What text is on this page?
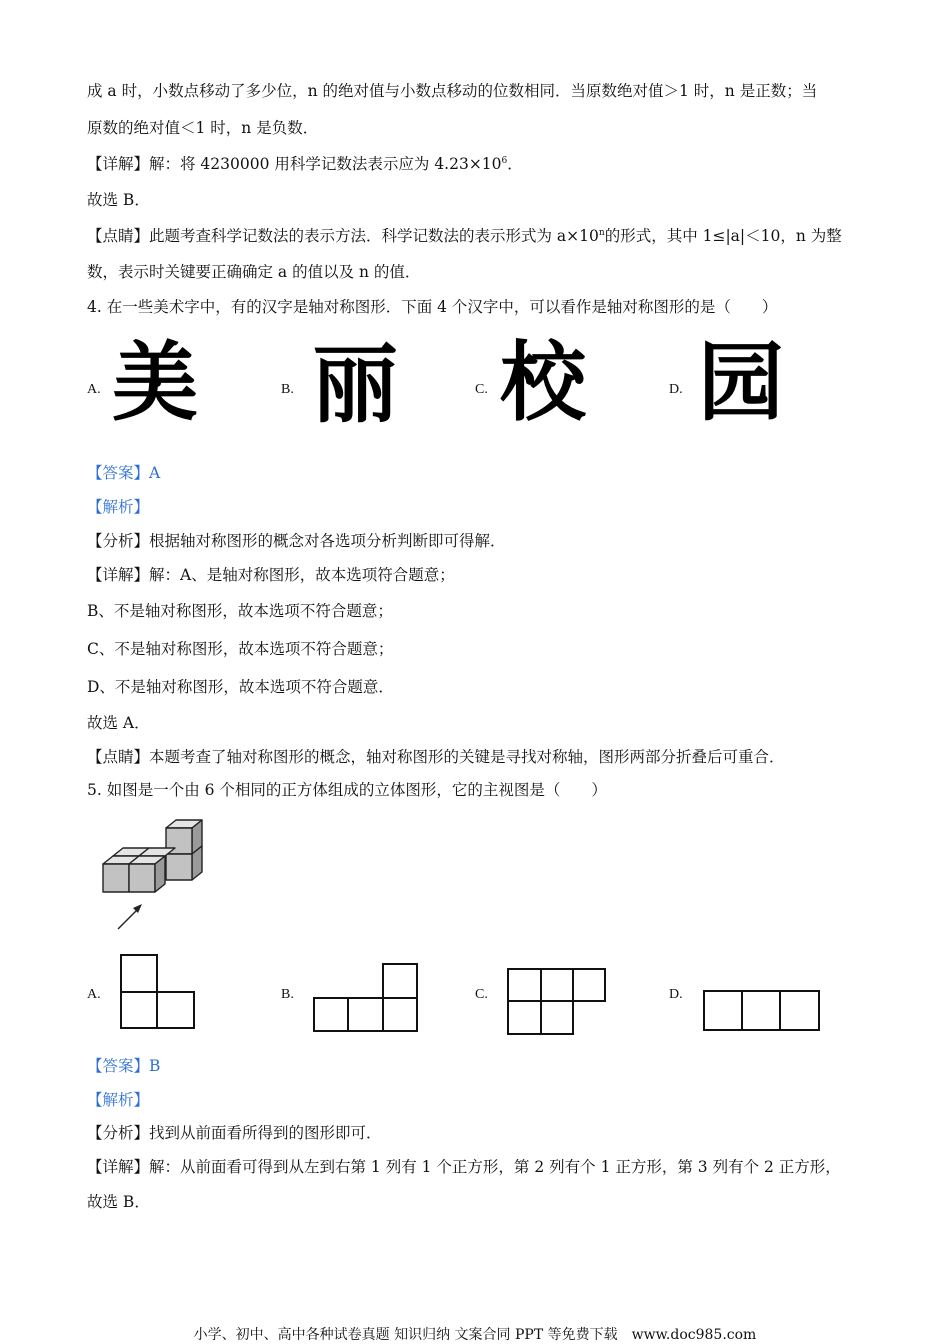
成 a 时，小数点移动了多少位，n 的绝对值与小数点移动的位数相同．当原数绝对值＞1 时，n 是正数；当
原数的绝对值＜1 时，n 是负数．
【详解】解：将 4230000 用科学记数法表示应为 $4.23\times 10^6$．
故选 B．
【点睛】此题考查科学记数法的表示方法．科学记数法的表示形式为 $a\times 10^n$的形式，其中 1≤|a|＜10，n 为整
数，表示时关键要正确确定 a 的值以及 n 的值．
4. 在一些美术字中，有的汉字是轴对称图形．下面 4 个汉字中，可以看作是轴对称图形的是（　　）
A. 美	B. 丽	C. 校	D. 园
【答案】A
【解析】
【分析】根据轴对称图形的概念对各选项分析判断即可得解．
【详解】解：A、是轴对称图形，故本选项符合题意；
B、不是轴对称图形，故本选项不符合题意；
C、不是轴对称图形，故本选项不符合题意；
D、不是轴对称图形，故本选项不符合题意．
故选 A．
【点睛】本题考查了轴对称图形的概念，轴对称图形的关键是寻找对称轴，图形两部分折叠后可重合．
5. 如图是一个由 6 个相同的正方体组成的立体图形，它的主视图是（　　）
A.	B.	C.	D.
【答案】B
【解析】
【分析】找到从前面看所得到的图形即可．
【详解】解：从前面看可得到从左到右第 1 列有 1 个正方形，第 2 列有个 1 正方形，第 3 列有个 2 正方形，
故选 B．
小学、初中、高中各种试卷真题 知识归纳 文案合同 PPT 等免费下载　www.doc985.com
